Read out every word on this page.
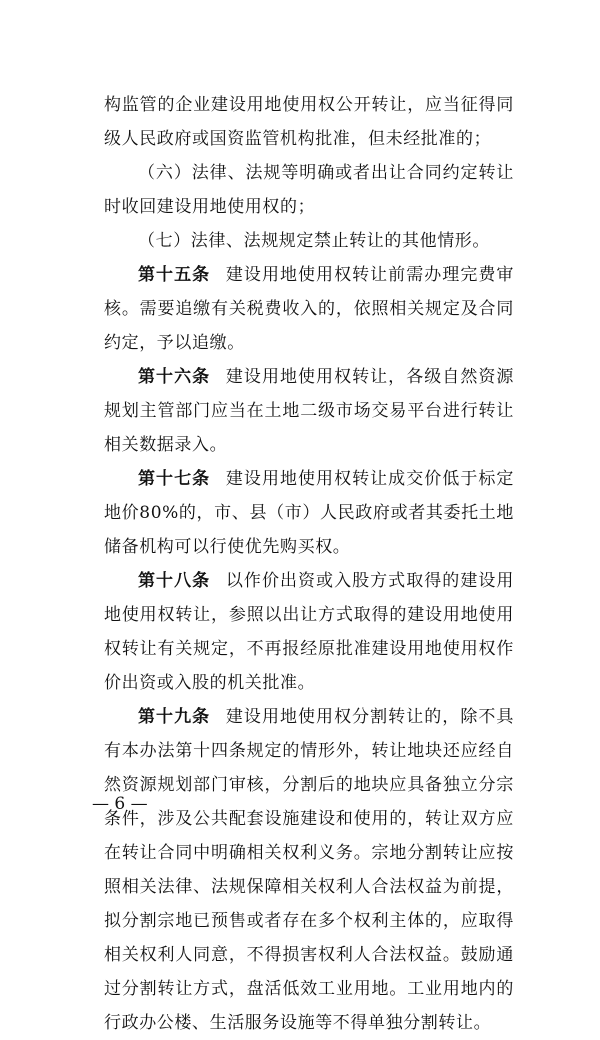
构监管的企业建设用地使用权公开转让，应当征得同级人民政府或国资监管机构批准，但未经批准的；

（六）法律、法规等明确或者出让合同约定转让时收回建设用地使用权的；

（七）法律、法规规定禁止转让的其他情形。

第十五条 建设用地使用权转让前需办理完费审核。需要追缴有关税费收入的，依照相关规定及合同约定，予以追缴。

第十六条 建设用地使用权转让，各级自然资源规划主管部门应当在土地二级市场交易平台进行转让相关数据录入。

第十七条 建设用地使用权转让成交价低于标定地价80%的，市、县（市）人民政府或者其委托土地储备机构可以行使优先购买权。

第十八条 以作价出资或入股方式取得的建设用地使用权转让，参照以出让方式取得的建设用地使用权转让有关规定，不再报经原批准建设用地使用权作价出资或入股的机关批准。

第十九条 建设用地使用权分割转让的，除不具有本办法第十四条规定的情形外，转让地块还应经自然资源规划部门审核，分割后的地块应具备独立分宗条件，涉及公共配套设施建设和使用的，转让双方应在转让合同中明确相关权利义务。宗地分割转让应按照相关法律、法规保障相关权利人合法权益为前提，拟分割宗地已预售或者存在多个权利主体的，应取得相关权利人同意，不得损害权利人合法权益。鼓励通过分割转让方式，盘活低效工业用地。工业用地内的行政办公楼、生活服务设施等不得单独分割转让。

— 6 —
